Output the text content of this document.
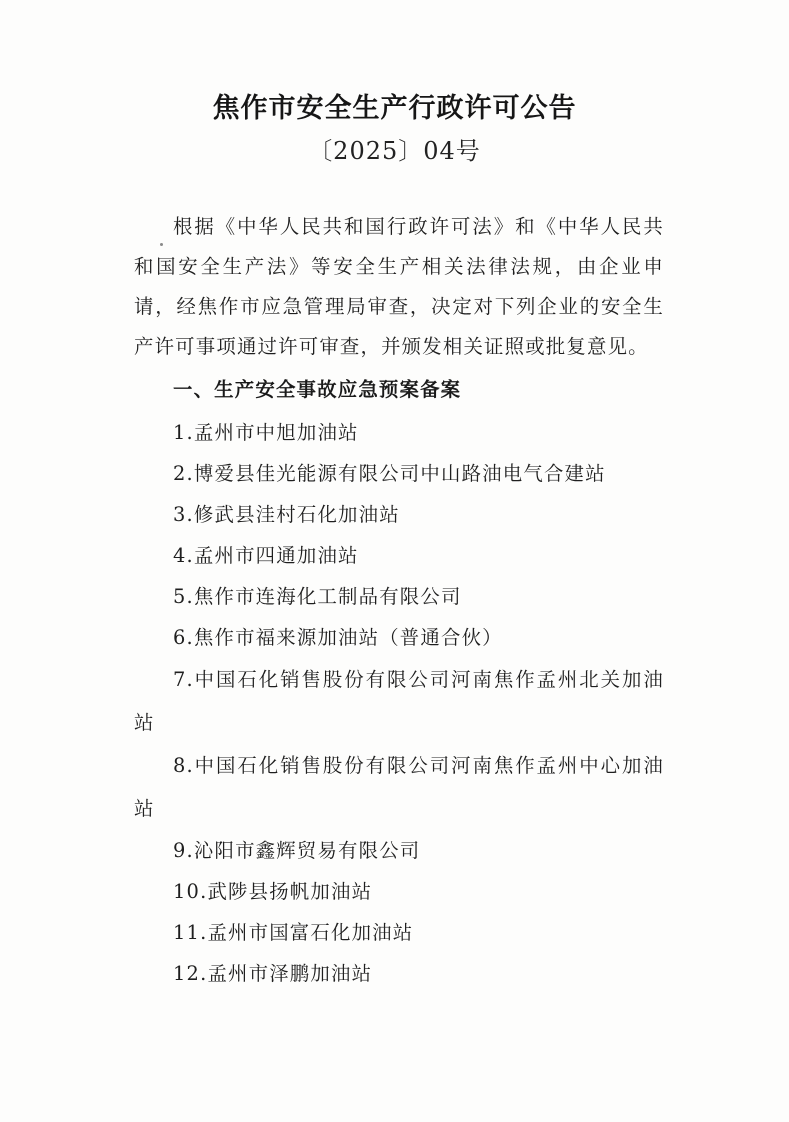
焦作市安全生产行政许可公告
〔2025〕04号

根据《中华人民共和国行政许可法》和《中华人民共和国安全生产法》等安全生产相关法律法规，由企业申请，经焦作市应急管理局审查，决定对下列企业的安全生产许可事项通过许可审查，并颁发相关证照或批复意见。

一、生产安全事故应急预案备案
1.孟州市中旭加油站
2.博爱县佳光能源有限公司中山路油电气合建站
3.修武县洼村石化加油站
4.孟州市四通加油站
5.焦作市连海化工制品有限公司
6.焦作市福来源加油站（普通合伙）
7.中国石化销售股份有限公司河南焦作孟州北关加油站
8.中国石化销售股份有限公司河南焦作孟州中心加油站
9.沁阳市鑫辉贸易有限公司
10.武陟县扬帆加油站
11.孟州市国富石化加油站
12.孟州市泽鹏加油站
